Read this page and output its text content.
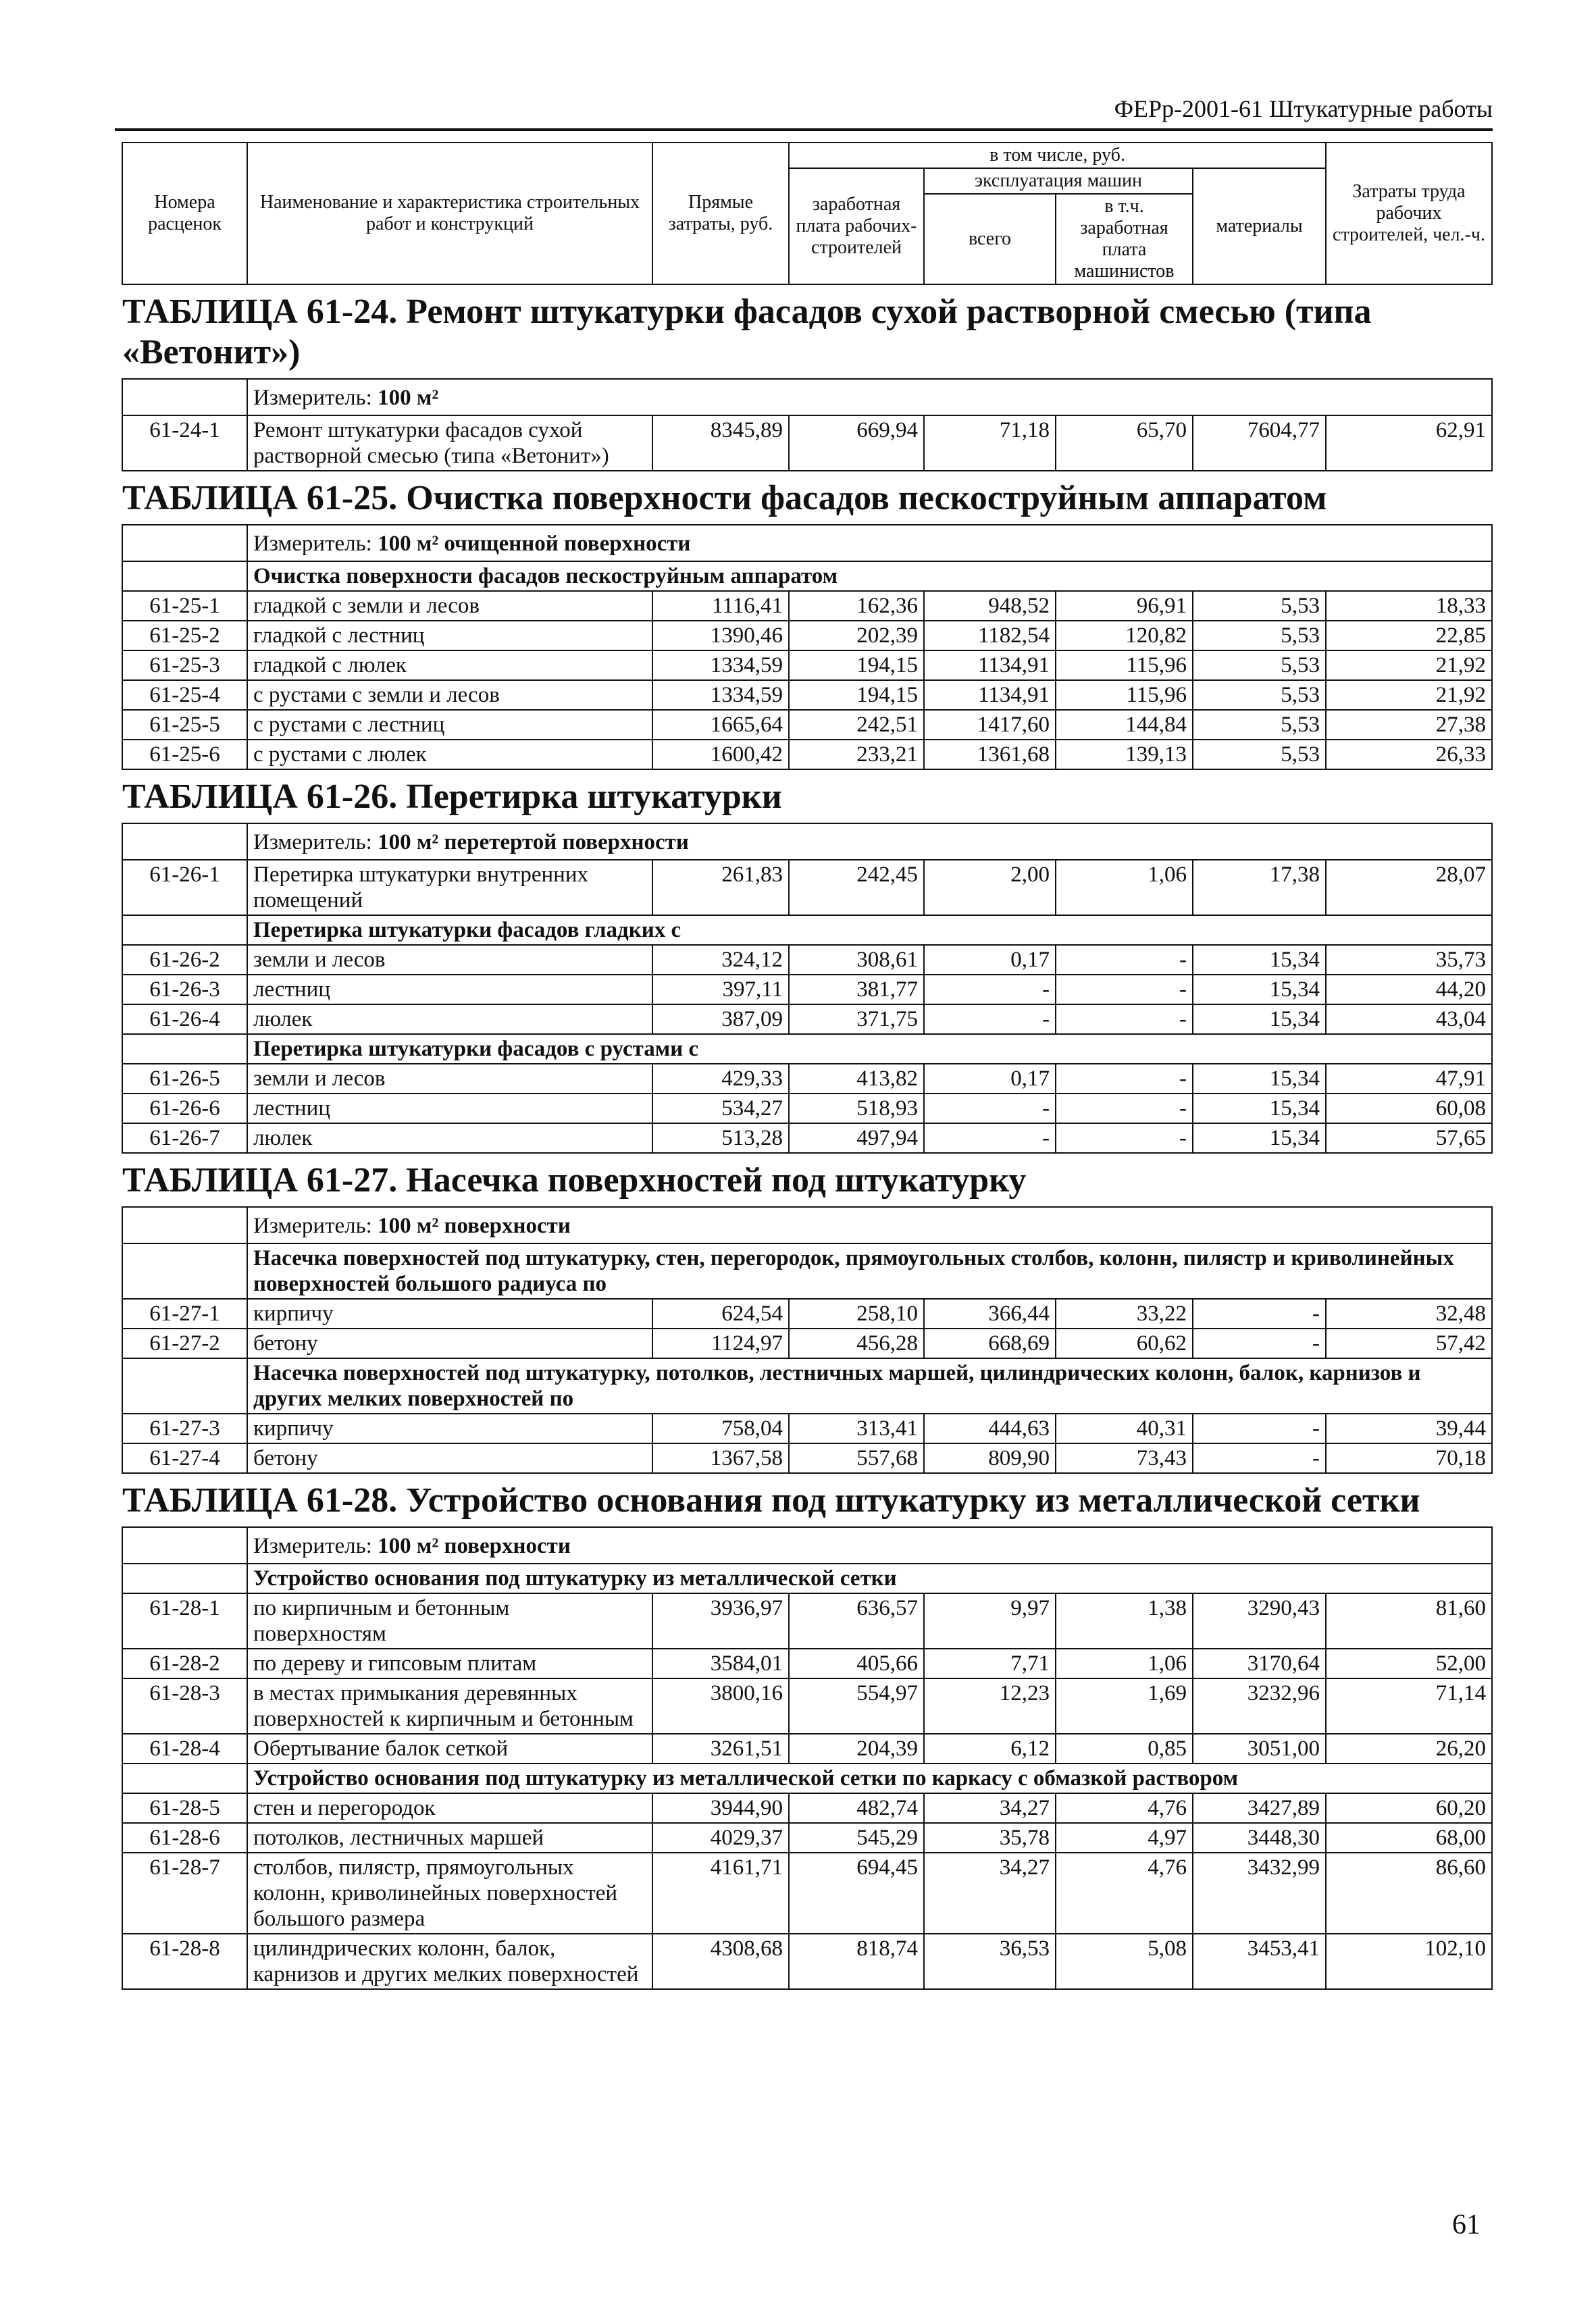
ФЕРр-2001-61 Штукатурные работы
Номера расценок	Наименование и характеристика строительных работ и конструкций	Прямые затраты, руб.	в том числе, руб.				Затраты труда рабочих строителей, чел.-ч.
			заработная плата рабочих-строителей	эксплуатация машин		материалы	
				всего	в т.ч. заработная плата машинистов		
ТАБЛИЦА 61-24. Ремонт штукатурки фасадов сухой растворной смесью (типа «Ветонит»)							
	Измеритель: 100 м²						
61-24-1	Ремонт штукатурки фасадов сухой растворной смесью (типа «Ветонит»)	8345,89	669,94	71,18	65,70	7604,77	62,91
ТАБЛИЦА 61-25. Очистка поверхности фасадов пескоструйным аппаратом							
	Измеритель: 100 м² очищенной поверхности						
	Очистка поверхности фасадов пескоструйным аппаратом						
61-25-1	гладкой с земли и лесов	1116,41	162,36	948,52	96,91	5,53	18,33
61-25-2	гладкой с лестниц	1390,46	202,39	1182,54	120,82	5,53	22,85
61-25-3	гладкой с люлек	1334,59	194,15	1134,91	115,96	5,53	21,92
61-25-4	с рустами с земли и лесов	1334,59	194,15	1134,91	115,96	5,53	21,92
61-25-5	с рустами с лестниц	1665,64	242,51	1417,60	144,84	5,53	27,38
61-25-6	с рустами с люлек	1600,42	233,21	1361,68	139,13	5,53	26,33
ТАБЛИЦА 61-26. Перетирка штукатурки							
	Измеритель: 100 м² перетертой поверхности						
61-26-1	Перетирка штукатурки внутренних помещений	261,83	242,45	2,00	1,06	17,38	28,07
	Перетирка штукатурки фасадов гладких с						
61-26-2	земли и лесов	324,12	308,61	0,17	-	15,34	35,73
61-26-3	лестниц	397,11	381,77	-	-	15,34	44,20
61-26-4	люлек	387,09	371,75	-	-	15,34	43,04
	Перетирка штукатурки фасадов с рустами с						
61-26-5	земли и лесов	429,33	413,82	0,17	-	15,34	47,91
61-26-6	лестниц	534,27	518,93	-	-	15,34	60,08
61-26-7	люлек	513,28	497,94	-	-	15,34	57,65
ТАБЛИЦА 61-27. Насечка поверхностей под штукатурку							
	Измеритель: 100 м² поверхности						
	Насечка поверхностей под штукатурку, стен, перегородок, прямоугольных столбов, колонн, пилястр и криволинейных поверхностей большого радиуса по						
61-27-1	кирпичу	624,54	258,10	366,44	33,22	-	32,48
61-27-2	бетону	1124,97	456,28	668,69	60,62	-	57,42
	Насечка поверхностей под штукатурку, потолков, лестничных маршей, цилиндрических колонн, балок, карнизов и других мелких поверхностей по						
61-27-3	кирпичу	758,04	313,41	444,63	40,31	-	39,44
61-27-4	бетону	1367,58	557,68	809,90	73,43	-	70,18
ТАБЛИЦА 61-28. Устройство основания под штукатурку из металлической сетки							
	Измеритель: 100 м² поверхности						
	Устройство основания под штукатурку из металлической сетки						
61-28-1	по кирпичным и бетонным поверхностям	3936,97	636,57	9,97	1,38	3290,43	81,60
61-28-2	по дереву и гипсовым плитам	3584,01	405,66	7,71	1,06	3170,64	52,00
61-28-3	в местах примыкания деревянных поверхностей к кирпичным и бетонным	3800,16	554,97	12,23	1,69	3232,96	71,14
61-28-4	Обертывание балок сеткой	3261,51	204,39	6,12	0,85	3051,00	26,20
	Устройство основания под штукатурку из металлической сетки по каркасу с обмазкой раствором						
61-28-5	стен и перегородок	3944,90	482,74	34,27	4,76	3427,89	60,20
61-28-6	потолков, лестничных маршей	4029,37	545,29	35,78	4,97	3448,30	68,00
61-28-7	столбов, пилястр, прямоугольных колонн, криволинейных поверхностей большого размера	4161,71	694,45	34,27	4,76	3432,99	86,60
61-28-8	цилиндрических колонн, балок, карнизов и других мелких поверхностей	4308,68	818,74	36,53	5,08	3453,41	102,10
61
